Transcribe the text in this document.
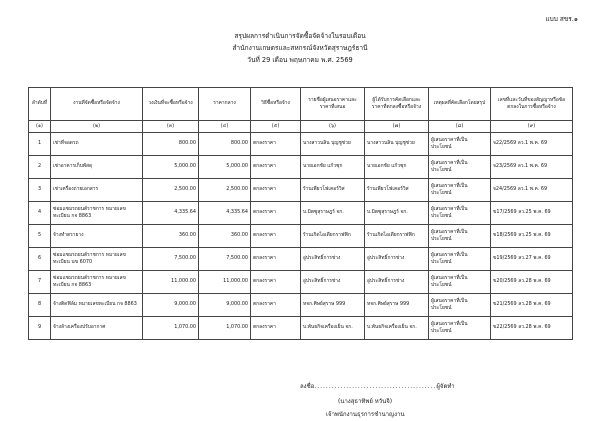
แบบ สขร.๑
สรุปผลการดำเนินการจัดซื้อจัดจ้างในรอบเดือน
สำนักงานเกษตรและสหกรณ์จังหวัดสุราษฎร์ธานี
วันที่ 29 เดือน พฤษภาคม พ.ศ. 2569
ลำดับที่	งานที่จัดซื้อหรือจัดจ้าง	วงเงินที่จะซื้อหรือจ้าง	ราคากลาง	วิธีซื้อหรือจ้าง	รายชื่อผู้เสนอราคาและราคาที่เสนอ	ผู้ได้รับการคัดเลือกและราคาที่ตกลงซื้อหรือจ้าง	เหตุผลที่คัดเลือกโดยสรุป	เลขที่และวันที่ของสัญญาหรือข้อตกลงในการซื้อหรือจ้าง
(๑)	(๒)	(๓)	(๔)	(๕)	(๖)	(๗)	(๘)	(๙)
1	เช่าที่จอดรถ	800.00	800.00	ตกลงราคา	นางสาวนลิน บุญชูช่วย	นางสาวนลิน บุญชูช่วย	ผู้เสนอราคาที่เป็นประโยชน์	จ22/2569 ลว.1 พ.ค. 69
2	เช่าอาคารเก็บพัสดุ	5,000.00	5,000.00	ตกลงราคา	นายเอกชัย แก้วซุก	นายเอกชัย แก้วซุก	ผู้เสนอราคาที่เป็นประโยชน์	จ23/2569 ลว.1 พ.ค. 69
3	เช่าเครื่องถ่ายเอกสาร	2,500.00	2,500.00	ตกลงราคา	ร้านเพียวโฟเคอร์วิส	ร้านเพียวโฟเคอร์วิส	ผู้เสนอราคาที่เป็นประโยชน์	จ24/2569 ลว.1 พ.ค. 69
4	ซ่อมแซมรถยนต์ราชการ หมายเลขทะเบียน กจ 8863	4,335.64	4,335.64	ตกลงราคา	บ.มิตซูสุราษฎร์ จก.	บ.มิตซูสุราษฎร์ จก.	ผู้เสนอราคาที่เป็นประโยชน์	ข17/2569 ลว.25 พ.ค. 69
5	จ้างทำตรายาง	360.00	360.00	ตกลงราคา	ร้านเกิดไอเดียกราฟฟิก	ร้านเกิดไอเดียกราฟฟิก	ผู้เสนอราคาที่เป็นประโยชน์	ข18/2569 ลว.25 พ.ค. 69
6	ซ่อมแซมรถยนต์ราชการ หมายเลขทะเบียน นข 6070	7,500.00	7,500.00	ตกลงราคา	อู่ประสิทธิ์การช่าง	อู่ประสิทธิ์การช่าง	ผู้เสนอราคาที่เป็นประโยชน์	ข19/2569 ลว.27 พ.ค. 69
7	ซ่อมแซมรถยนต์ราชการ หมายเลขทะเบียน กจ 8863	11,000.00	11,000.00	ตกลงราคา	อู่ประสิทธิ์การช่าง	อู่ประสิทธิ์การช่าง	ผู้เสนอราคาที่เป็นประโยชน์	ข20/2569 ลว.28 พ.ค. 69
8	จ้างติดฟิล์ม หมายเลขทะเบียน กจ 8863	9,000.00	9,000.00	ตกลงราคา	หจก.ศิษย์สุราษ 999	หจก.ศิษย์สุราษ 999	ผู้เสนอราคาที่เป็นประโยชน์	ข21/2569 ลว.28 พ.ค. 69
9	จ้างล้างเครื่องปรับอากาศ	1,070.00	1,070.00	ตกลงราคา	บ.พันธกิจเครื่องเย็น จก.	บ.พันธกิจเครื่องเย็น จก.	ผู้เสนอราคาที่เป็นประโยชน์	ข22/2569 ลว.28 พ.ค. 69
ลงชื่อ..........................................ผู้จัดทำ
(นางสุธาทิพย์ หวันจิ)
เจ้าพนักงานธุรการชำนาญงาน
